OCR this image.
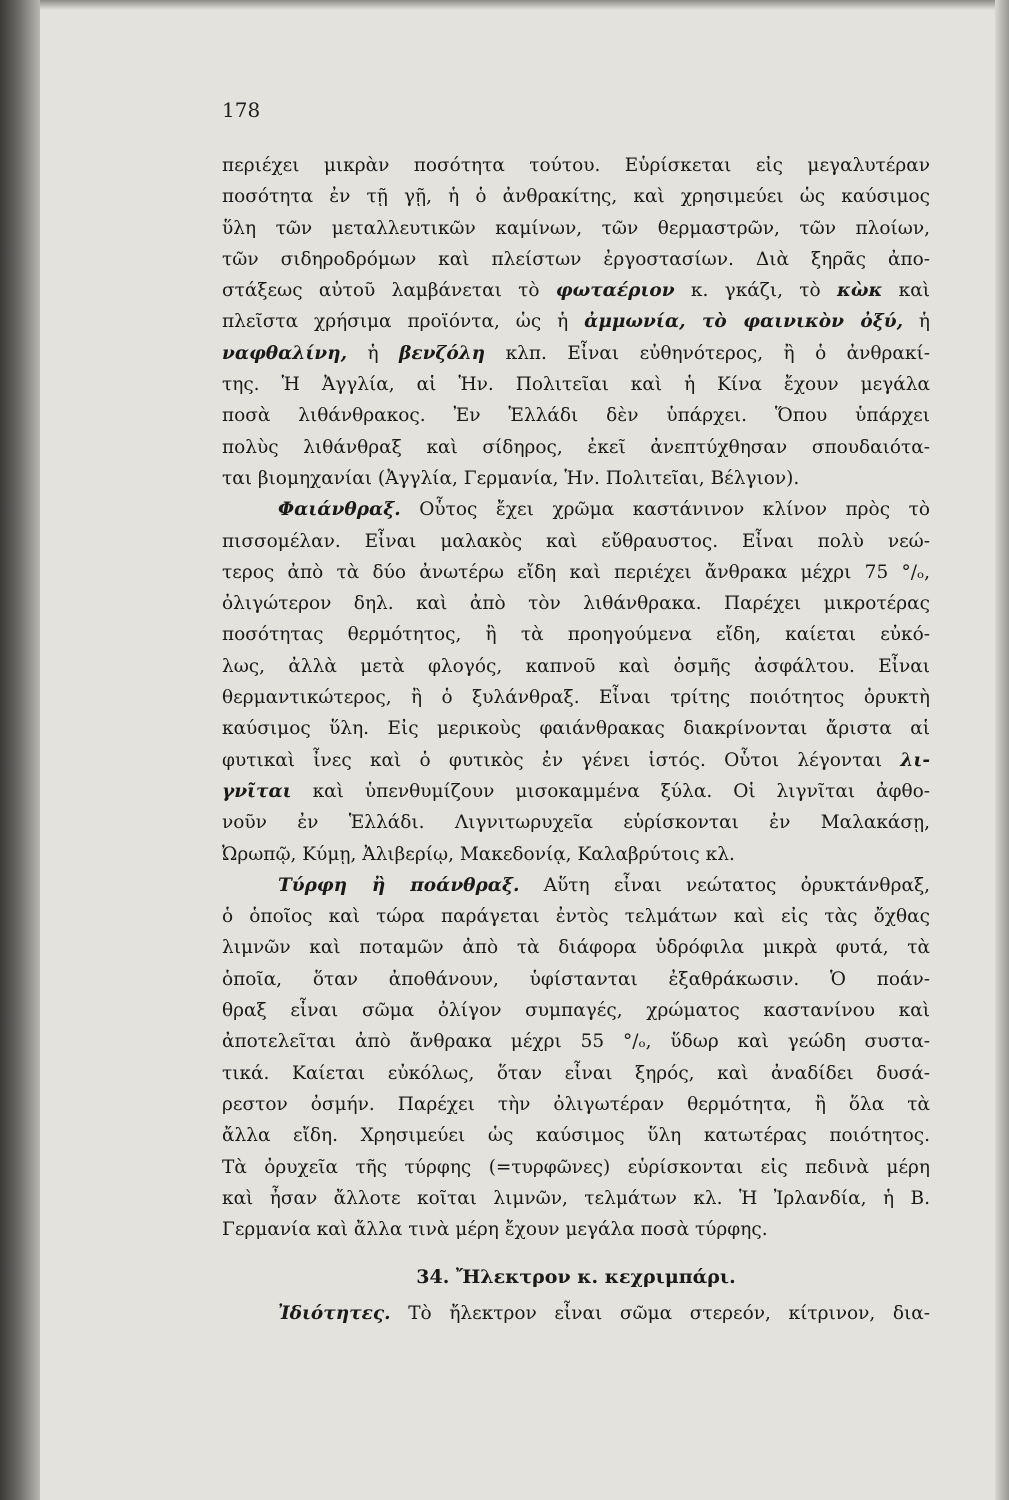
178
περιέχει μικρὰν ποσότητα τούτου. Εὑρίσκεται εἰς μεγαλυτέραν
ποσότητα ἐν τῇ γῇ, ἡ ὁ ἀνθρακίτης, καὶ χρησιμεύει ὡς καύσιμος
ὕλη τῶν μεταλλευτικῶν καμίνων, τῶν θερμαστρῶν, τῶν πλοίων,
τῶν σιδηροδρόμων καὶ πλείστων ἐργοστασίων. Διὰ ξηρᾶς ἀπο-
στάξεως αὐτοῦ λαμβάνεται τὸ φωταέριον κ. γκάζι, τὸ κὼκ καὶ
πλεῖστα χρήσιμα προϊόντα, ὡς ἡ ἀμμωνία, τὸ φαινικὸν ὀξύ, ἡ
ναφθαλίνη, ἡ βενζόλη κλπ. Εἶναι εὐθηνότερος, ἢ ὁ ἀνθρακί-
της. Ἡ Ἀγγλία, αἱ Ἡν. Πολιτεῖαι καὶ ἡ Κίνα ἔχουν μεγάλα
ποσὰ λιθάνθρακος. Ἐν Ἑλλάδι δὲν ὑπάρχει. Ὅπου ὑπάρχει
πολὺς λιθάνθραξ καὶ σίδηρος, ἐκεῖ ἀνεπτύχθησαν σπουδαιότα-
ται βιομηχανίαι (Ἀγγλία, Γερμανία, Ἡν. Πολιτεῖαι, Βέλγιον).
Φαιάνθραξ. Οὗτος ἔχει χρῶμα καστάνινον κλίνον πρὸς τὸ
πισσομέλαν. Εἶναι μαλακὸς καὶ εὔθραυστος. Εἶναι πολὺ νεώ-
τερος ἀπὸ τὰ δύο ἀνωτέρω εἴδη καὶ περιέχει ἄνθρακα μέχρι 75 °/ₒ,
ὀλιγώτερον δηλ. καὶ ἀπὸ τὸν λιθάνθρακα. Παρέχει μικροτέρας
ποσότητας θερμότητος, ἢ τὰ προηγούμενα εἴδη, καίεται εὐκό-
λως, ἀλλὰ μετὰ φλογός, καπνοῦ καὶ ὀσμῆς ἀσφάλτου. Εἶναι
θερμαντικώτερος, ἢ ὁ ξυλάνθραξ. Εἶναι τρίτης ποιότητος ὀρυκτὴ
καύσιμος ὕλη. Εἰς μερικοὺς φαιάνθρακας διακρίνονται ἄριστα αἱ
φυτικαὶ ἶνες καὶ ὁ φυτικὸς ἐν γένει ἱστός. Οὗτοι λέγονται λι-
γνῖται καὶ ὑπενθυμίζουν μισοκαμμένα ξύλα. Οἱ λιγνῖται ἀφθο-
νοῦν ἐν Ἑλλάδι. Λιγνιτωρυχεῖα εὑρίσκονται ἐν Μαλακάσῃ,
Ὠρωπῷ, Κύμῃ, Ἀλιβερίῳ, Μακεδονίᾳ, Καλαβρύτοις κλ.
Τύρφη ἢ ποάνθραξ. Αὕτη εἶναι νεώτατος ὀρυκτάνθραξ,
ὁ ὁποῖος καὶ τώρα παράγεται ἐντὸς τελμάτων καὶ εἰς τὰς ὄχθας
λιμνῶν καὶ ποταμῶν ἀπὸ τὰ διάφορα ὑδρόφιλα μικρὰ φυτά, τὰ
ὁποῖα, ὅταν ἀποθάνουν, ὑφίστανται ἐξαθράκωσιν. Ὁ ποάν-
θραξ εἶναι σῶμα ὀλίγον συμπαγές, χρώματος καστανίνου καὶ
ἀποτελεῖται ἀπὸ ἄνθρακα μέχρι 55 °/ₒ, ὕδωρ καὶ γεώδη συστα-
τικά. Καίεται εὐκόλως, ὅταν εἶναι ξηρός, καὶ ἀναδίδει δυσά-
ρεστον ὀσμήν. Παρέχει τὴν ὀλιγωτέραν θερμότητα, ἢ ὅλα τὰ
ἄλλα εἴδη. Χρησιμεύει ὡς καύσιμος ὕλη κατωτέρας ποιότητος.
Τὰ ὀρυχεῖα τῆς τύρφης (=τυρφῶνες) εὑρίσκονται εἰς πεδινὰ μέρη
καὶ ἦσαν ἄλλοτε κοῖται λιμνῶν, τελμάτων κλ. Ἡ Ἰρλανδία, ἡ Β.
Γερμανία καὶ ἄλλα τινὰ μέρη ἔχουν μεγάλα ποσὰ τύρφης.
34. Ἤλεκτρον κ. κεχριμπάρι.
Ἰδιότητες. Τὸ ἤλεκτρον εἶναι σῶμα στερεόν, κίτρινον, δια-
